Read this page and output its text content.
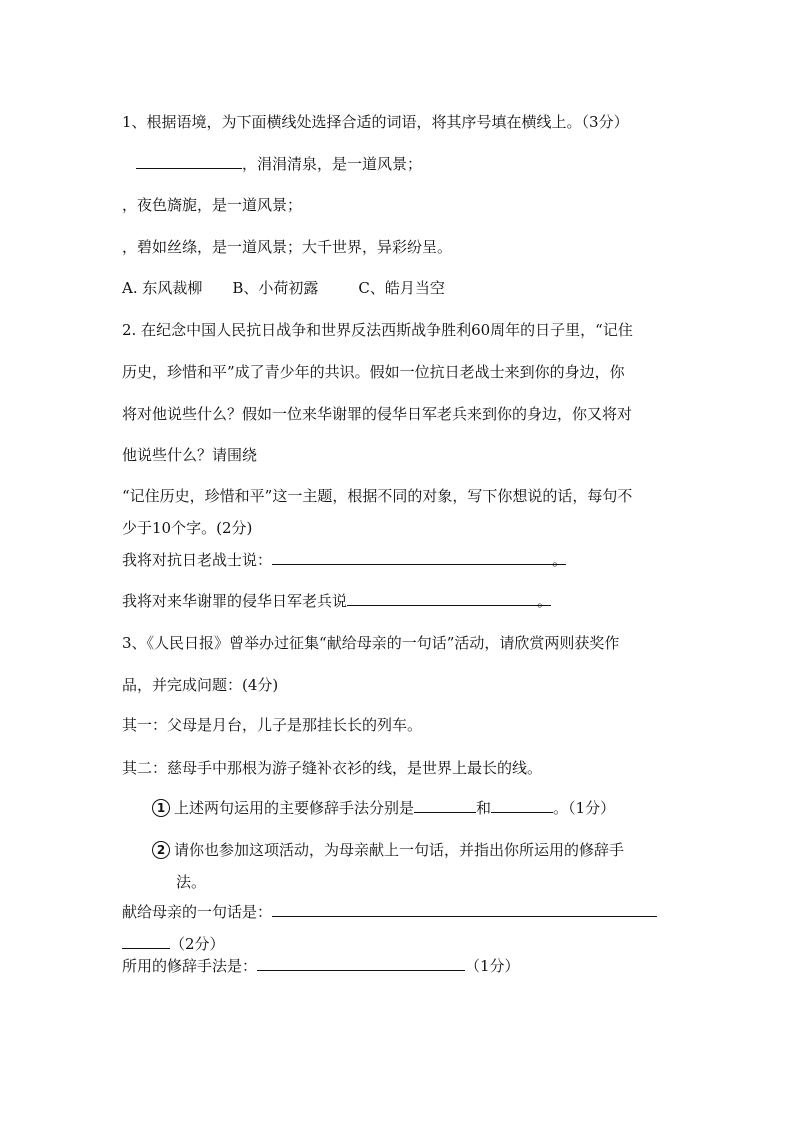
1、根据语境，为下面横线处选择合适的词语，将其序号填在横线上。（3分）
，涓涓清泉，是一道风景；
，夜色旖旎，是一道风景；
，碧如丝绦，是一道风景；大千世界，异彩纷呈。
A. 东风裁柳 B、小荷初露	C、皓月当空
2. 在纪念中国人民抗日战争和世界反法西斯战争胜利60周年的日子里，“记住
历史，珍惜和平”成了青少年的共识。假如一位抗日老战士来到你的身边，你
将对他说些什么？假如一位来华谢罪的侵华日军老兵来到你的身边，你又将对
他说些什么？请围绕
“记住历史，珍惜和平”这一主题，根据不同的对象，写下你想说的话，每句不
少于10个字。(2分)
我将对抗日老战士说：	。
我将对来华谢罪的侵华日军老兵说	。
3、《人民日报》曾举办过征集“献给母亲的一句话”活动，请欣赏两则获奖作
品，并完成问题：(4分)
其一：父母是月台，儿子是那挂长长的列车。
其二：慈母手中那根为游子缝补衣衫的线，是世界上最长的线。
1 上述两句运用的主要修辞手法分别是	和	。（1分）
2 请你也参加这项活动，为母亲献上一句话，并指出你所运用的修辞手
法。
献给母亲的一句话是：
（2分）
所用的修辞手法是：	（1分）
